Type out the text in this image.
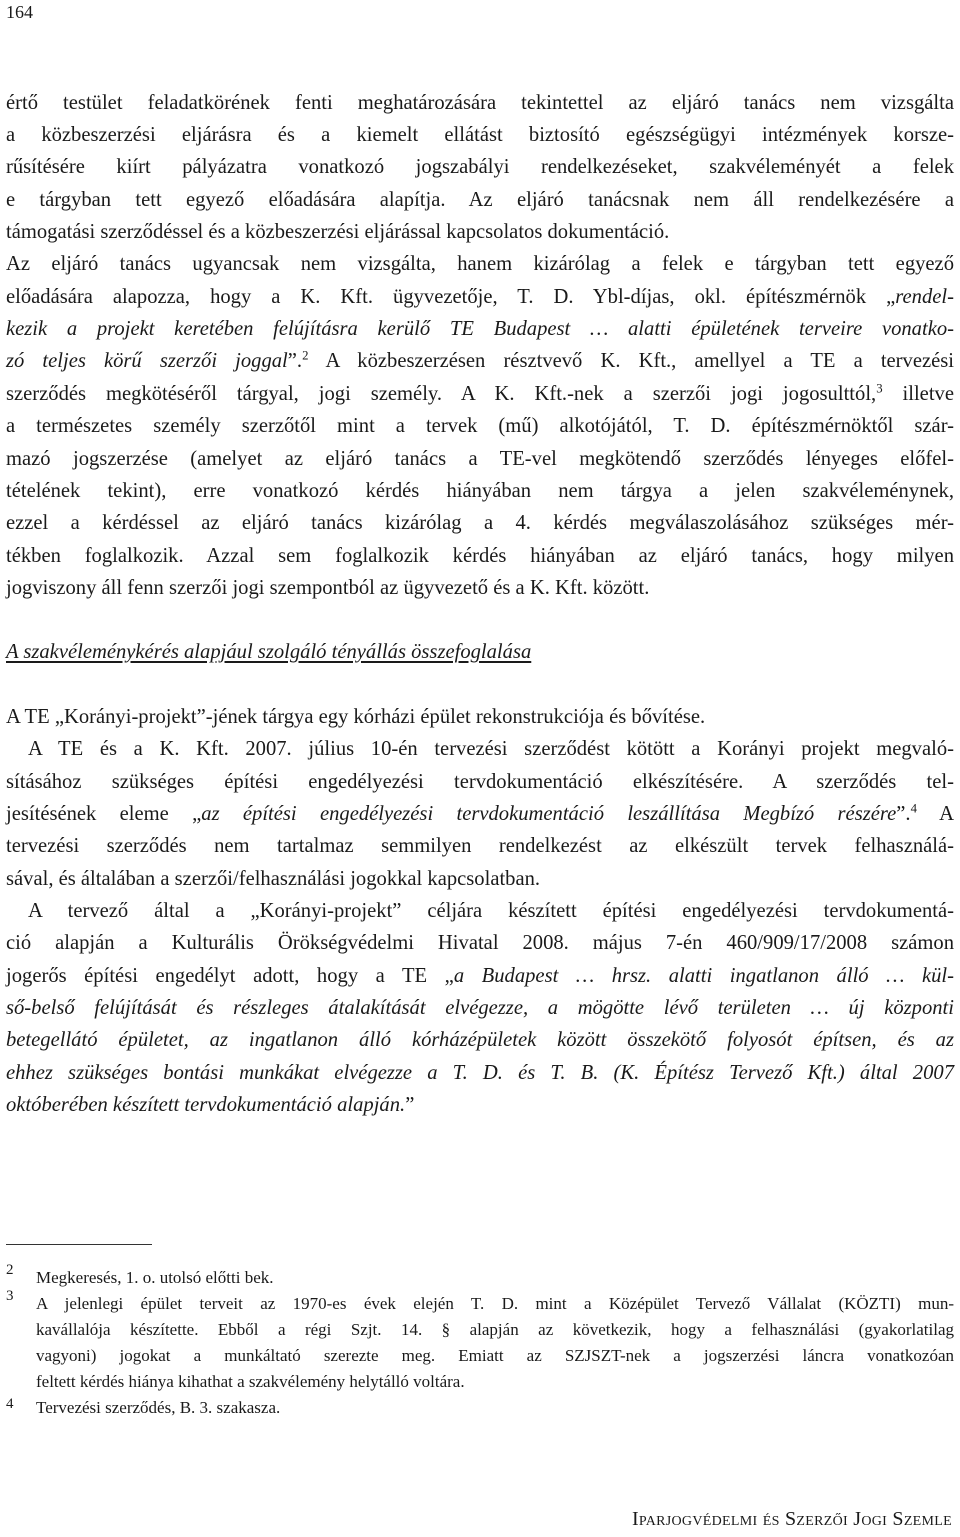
164
értő testület feladatkörének fenti meghatározására tekintettel az eljáró tanács nem vizsgálta
a közbeszerzési eljárásra és a kiemelt ellátást biztosító egészségügyi intézmények korsze-
rűsítésére kiírt pályázatra vonatkozó jogszabályi rendelkezéseket, szakvéleményét a felek
e tárgyban tett egyező előadására alapítja. Az eljáró tanácsnak nem áll rendelkezésére a
támogatási szerződéssel és a közbeszerzési eljárással kapcsolatos dokumentáció.
Az eljáró tanács ugyancsak nem vizsgálta, hanem kizárólag a felek e tárgyban tett egyező
előadására alapozza, hogy a K. Kft. ügyvezetője, T. D. Ybl-díjas, okl. építészmérnök „rendel-
kezik a projekt keretében felújításra kerülő TE Budapest … alatti épületének terveire vonatko-
zó teljes körű szerzői joggal”.$^2$ A közbeszerzésen résztvevő K. Kft., amellyel a TE a tervezési
szerződés megkötéséről tárgyal, jogi személy. A K. Kft.-nek a szerzői jogi jogosulttól,$^3$ illetve
a természetes személy szerzőtől mint a tervek (mű) alkotójától, T. D. építészmérnöktől szár-
mazó jogszerzése (amelyet az eljáró tanács a TE-vel megkötendő szerződés lényeges előfel-
tételének tekint), erre vonatkozó kérdés hiányában nem tárgya a jelen szakvéleménynek,
ezzel a kérdéssel az eljáró tanács kizárólag a 4. kérdés megválaszolásához szükséges mér-
tékben foglalkozik. Azzal sem foglalkozik kérdés hiányában az eljáró tanács, hogy milyen
jogviszony áll fenn szerzői jogi szempontból az ügyvezető és a K. Kft. között.
A szakvéleménykérés alapjául szolgáló tényállás összefoglalása
A TE „Korányi-projekt”-jének tárgya egy kórházi épület rekonstrukciója és bővítése.
A TE és a K. Kft. 2007. július 10-én tervezési szerződést kötött a Korányi projekt megvaló-
sításához szükséges építési engedélyezési tervdokumentáció elkészítésére. A szerződés tel-
jesítésének eleme „az építési engedélyezési tervdokumentáció leszállítása Megbízó részére”.$^4$ A
tervezési szerződés nem tartalmaz semmilyen rendelkezést az elkészült tervek felhasználá-
sával, és általában a szerzői/felhasználási jogokkal kapcsolatban.
A tervező által a „Korányi-projekt” céljára készített építési engedélyezési tervdokumentá-
ció alapján a Kulturális Örökségvédelmi Hivatal 2008. május 7-én 460/909/17/2008 számon
jogerős építési engedélyt adott, hogy a TE „a Budapest … hrsz. alatti ingatlanon álló … kül-
ső-belső felújítását és részleges átalakítását elvégezze, a mögötte lévő területen … új központi
betegellátó épületet, az ingatlanon álló kórházépületek között összekötő folyosót építsen, és az
ehhez szükséges bontási munkákat elvégezze a T. D. és T. B. (K. Építész Tervező Kft.) által 2007
októberében készített tervdokumentáció alapján.”
2 Megkeresés, 1. o. utolsó előtti bek.
3 A jelenlegi épület terveit az 1970-es évek elején T. D. mint a Középület Tervező Vállalat (KÖZTI) mun-
kavállalója készítette. Ebből a régi Szjt. 14. § alapján az következik, hogy a felhasználási (gyakorlatilag
vagyoni) jogokat a munkáltató szerezte meg. Emiatt az SZJSZT-nek a jogszerzési láncra vonatkozóan
feltett kérdés hiánya kihathat a szakvélemény helytálló voltára.
4 Tervezési szerződés, B. 3. szakasza.
Iparjogvédelmi és Szerzői Jogi Szemle
